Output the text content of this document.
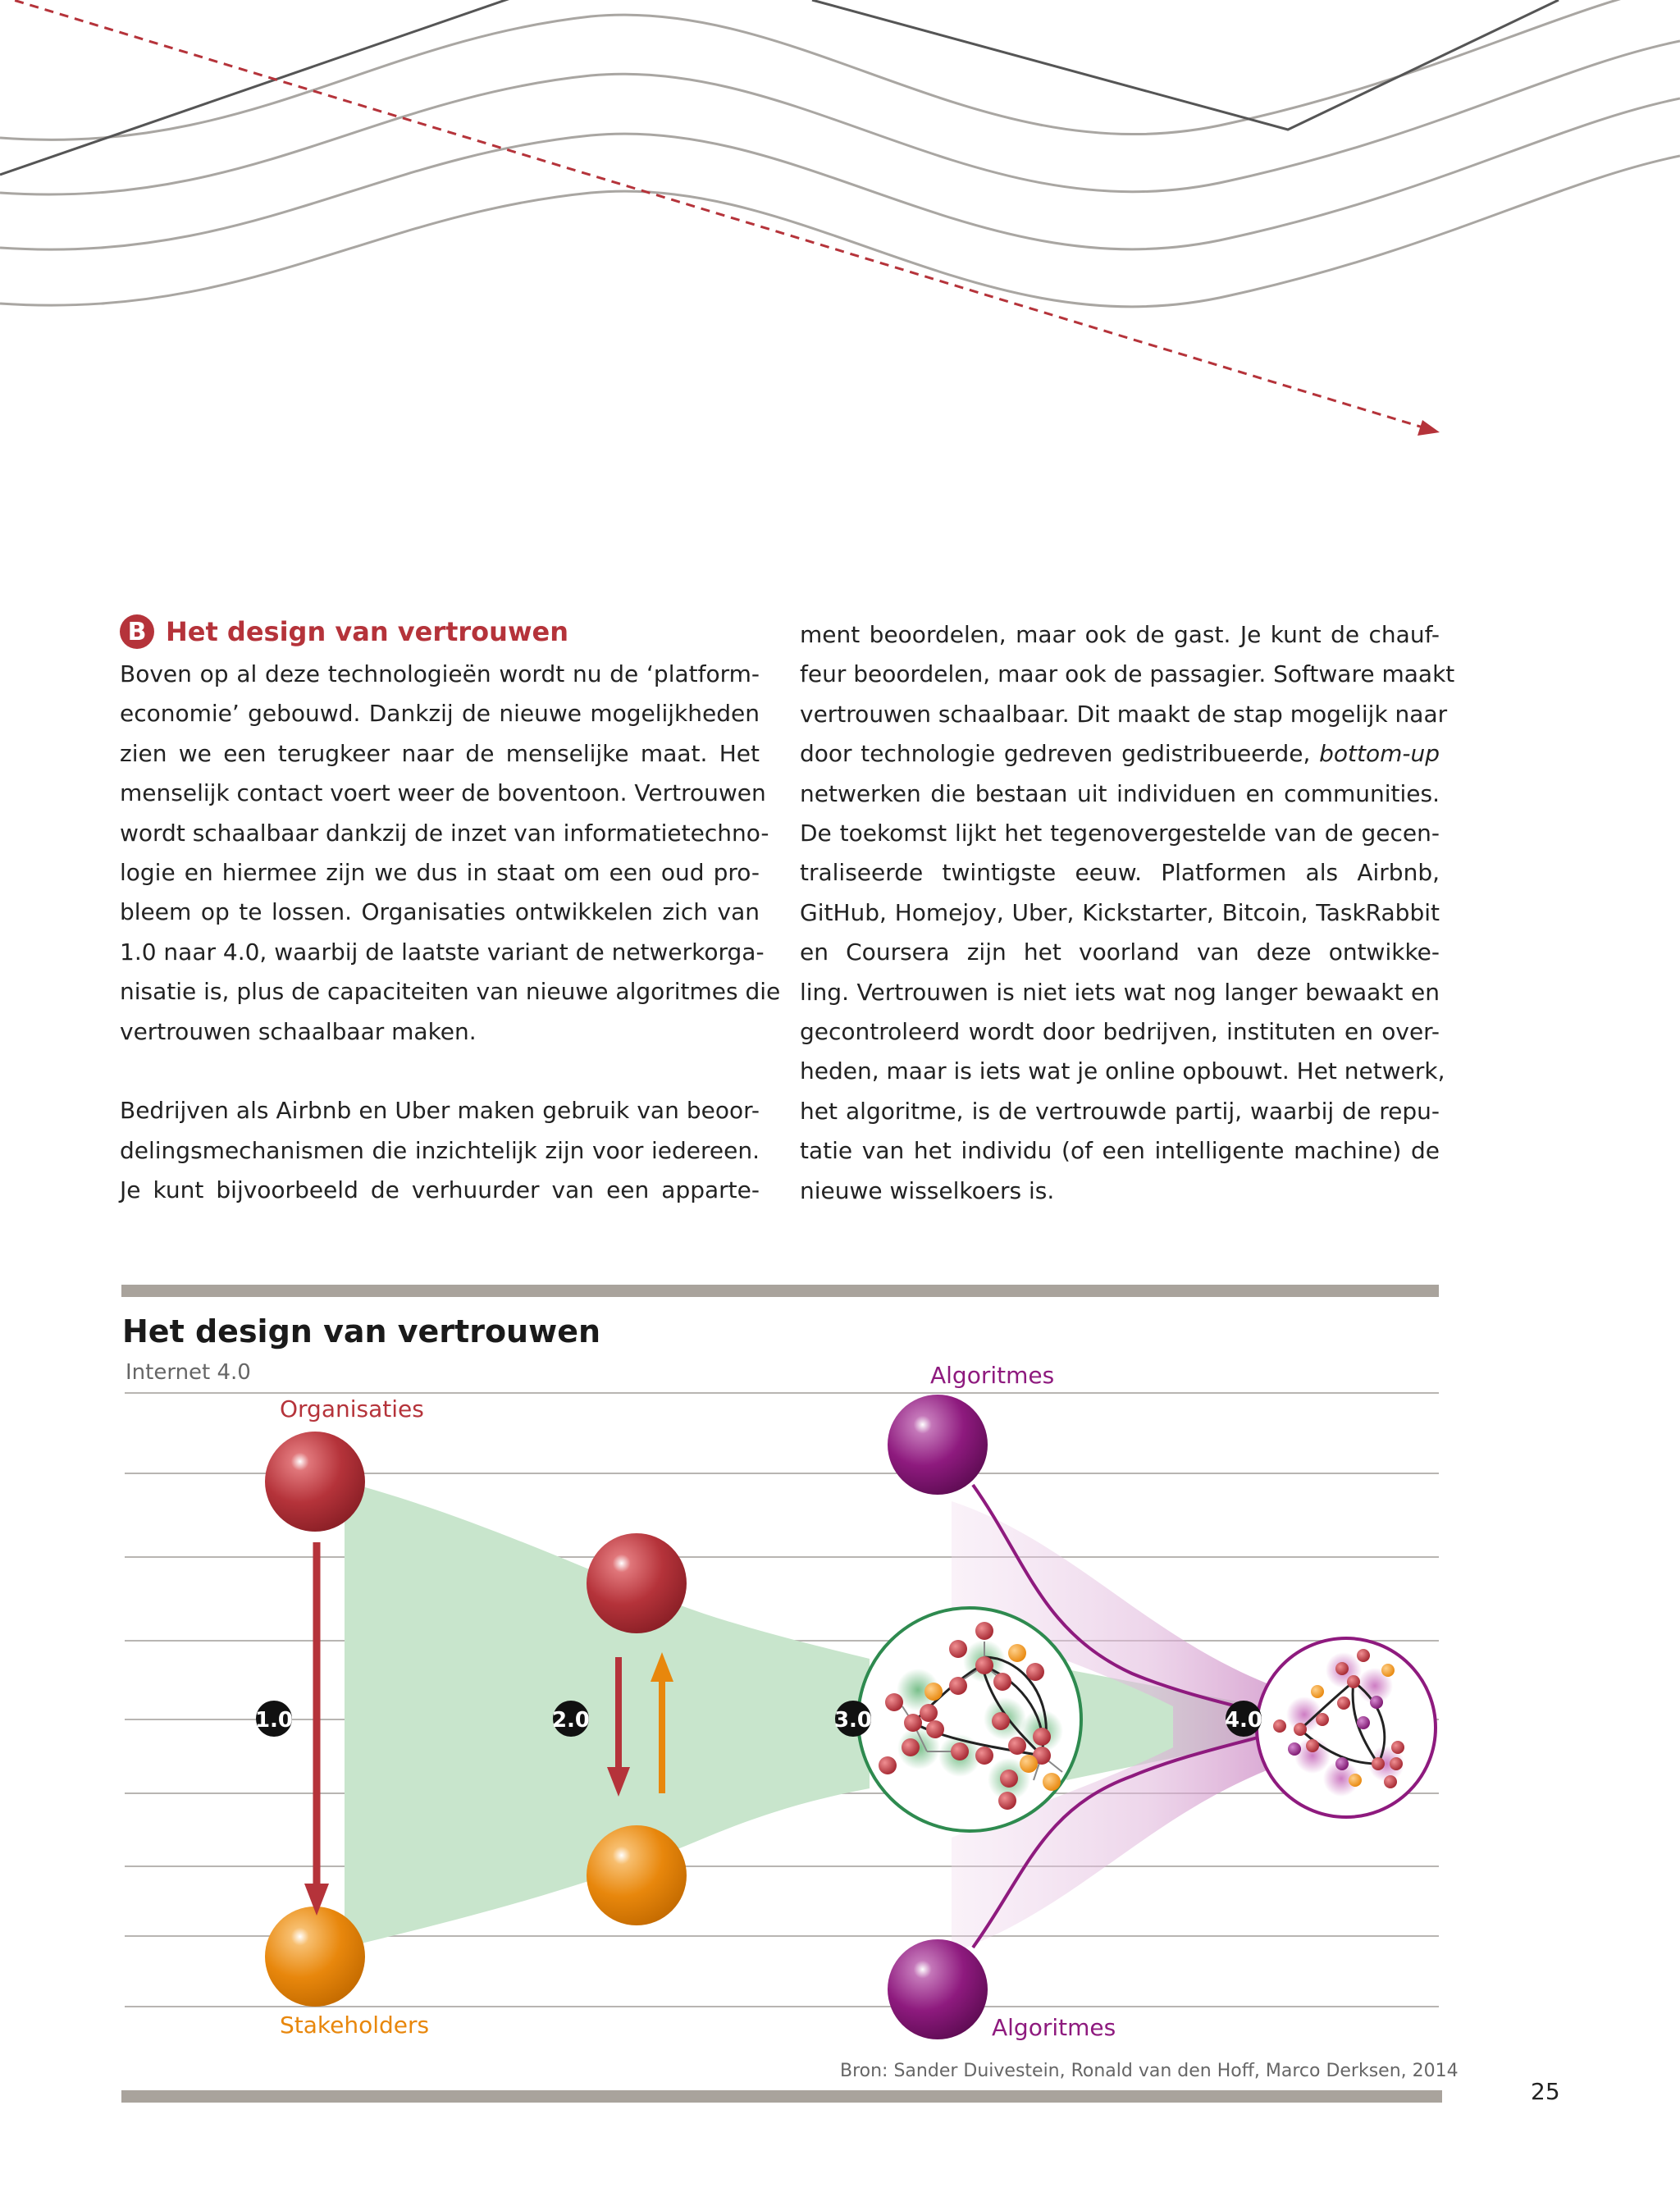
B Het design van vertrouwen
Boven op al deze technologieën wordt nu de ‘platform-
economie’ gebouwd. Dankzij de nieuwe mogelijkheden
zien we een terugkeer naar de menselijke maat. Het
menselijk contact voert weer de boventoon. Vertrouwen
wordt schaalbaar dankzij de inzet van informatietechno-
logie en hiermee zijn we dus in staat om een oud pro-
bleem op te lossen. Organisaties ontwikkelen zich van
1.0 naar 4.0, waarbij de laatste variant de netwerkorga-
nisatie is, plus de capaciteiten van nieuwe algoritmes die
vertrouwen schaalbaar maken.
Bedrijven als Airbnb en Uber maken gebruik van beoor-
delingsmechanismen die inzichtelijk zijn voor iedereen.
Je kunt bijvoorbeeld de verhuurder van een apparte-
ment beoordelen, maar ook de gast. Je kunt de chauf-
feur beoordelen, maar ook de passagier. Software maakt
vertrouwen schaalbaar. Dit maakt de stap mogelijk naar
door technologie gedreven gedistribueerde, bottom-up
netwerken die bestaan uit individuen en communities.
De toekomst lijkt het tegenovergestelde van de gecen-
traliseerde twintigste eeuw. Platformen als Airbnb,
GitHub, Homejoy, Uber, Kickstarter, Bitcoin, TaskRabbit
en Coursera zijn het voorland van deze ontwikke-
ling. Vertrouwen is niet iets wat nog langer bewaakt en
gecontroleerd wordt door bedrijven, instituten en over-
heden, maar is iets wat je online opbouwt. Het netwerk,
het algoritme, is de vertrouwde partij, waarbij de repu-
tatie van het individu (of een intelligente machine) de
nieuwe wisselkoers is.
Het design van vertrouwen
Internet 4.0
Organisaties
Stakeholders
Algoritmes
Algoritmes
1.0	2.0	3.0	4.0
Bron: Sander Duivestein, Ronald van den Hoff, Marco Derksen, 2014
25
